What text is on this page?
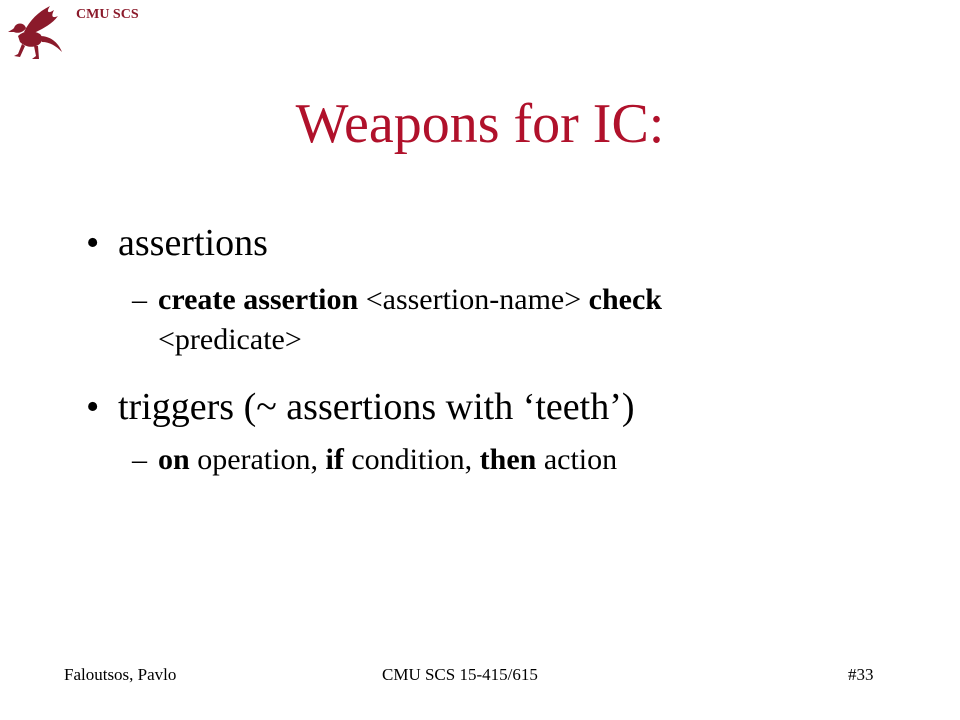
CMU SCS
Weapons for IC:
• assertions
– create assertion <assertion-name> check <predicate>
• triggers (~ assertions with ‘teeth’)
– on operation, if condition, then action
Faloutsos, Pavlo	CMU SCS 15-415/615	#33
